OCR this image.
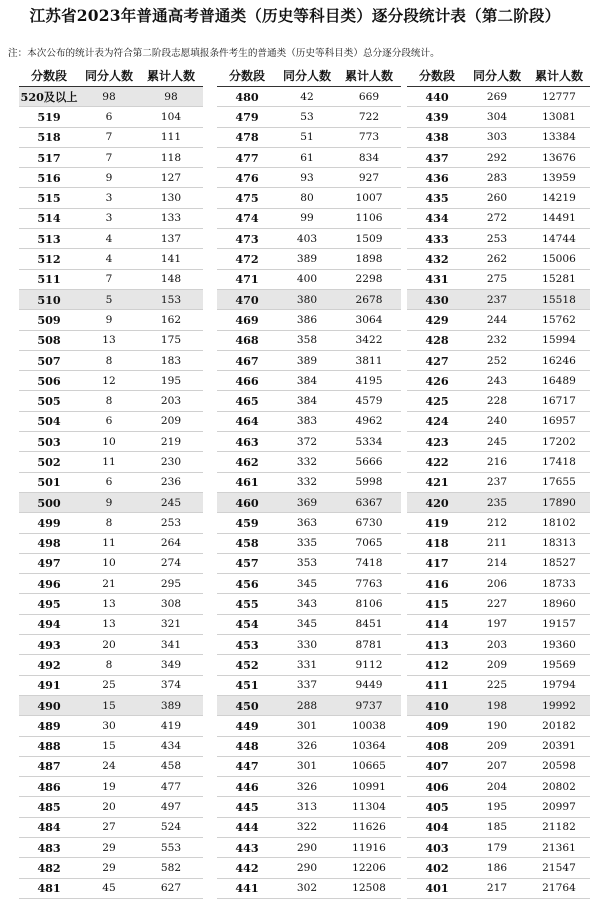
江苏省2023年普通高考普通类（历史等科目类）逐分段统计表（第二阶段）
注：本次公布的统计表为符合第二阶段志愿填报条件考生的普通类（历史等科目类）总分逐分段统计。
分数段	同分人数	累计人数
520及以上	98	98
519	6	104
518	7	111
517	7	118
516	9	127
515	3	130
514	3	133
513	4	137
512	4	141
511	7	148
510	5	153
509	9	162
508	13	175
507	8	183
506	12	195
505	8	203
504	6	209
503	10	219
502	11	230
501	6	236
500	9	245
499	8	253
498	11	264
497	10	274
496	21	295
495	13	308
494	13	321
493	20	341
492	8	349
491	25	374
490	15	389
489	30	419
488	15	434
487	24	458
486	19	477
485	20	497
484	27	524
483	29	553
482	29	582
481	45	627
分数段	同分人数	累计人数
480	42	669
479	53	722
478	51	773
477	61	834
476	93	927
475	80	1007
474	99	1106
473	403	1509
472	389	1898
471	400	2298
470	380	2678
469	386	3064
468	358	3422
467	389	3811
466	384	4195
465	384	4579
464	383	4962
463	372	5334
462	332	5666
461	332	5998
460	369	6367
459	363	6730
458	335	7065
457	353	7418
456	345	7763
455	343	8106
454	345	8451
453	330	8781
452	331	9112
451	337	9449
450	288	9737
449	301	10038
448	326	10364
447	301	10665
446	326	10991
445	313	11304
444	322	11626
443	290	11916
442	290	12206
441	302	12508
分数段	同分人数	累计人数
440	269	12777
439	304	13081
438	303	13384
437	292	13676
436	283	13959
435	260	14219
434	272	14491
433	253	14744
432	262	15006
431	275	15281
430	237	15518
429	244	15762
428	232	15994
427	252	16246
426	243	16489
425	228	16717
424	240	16957
423	245	17202
422	216	17418
421	237	17655
420	235	17890
419	212	18102
418	211	18313
417	214	18527
416	206	18733
415	227	18960
414	197	19157
413	203	19360
412	209	19569
411	225	19794
410	198	19992
409	190	20182
408	209	20391
407	207	20598
406	204	20802
405	195	20997
404	185	21182
403	179	21361
402	186	21547
401	217	21764
